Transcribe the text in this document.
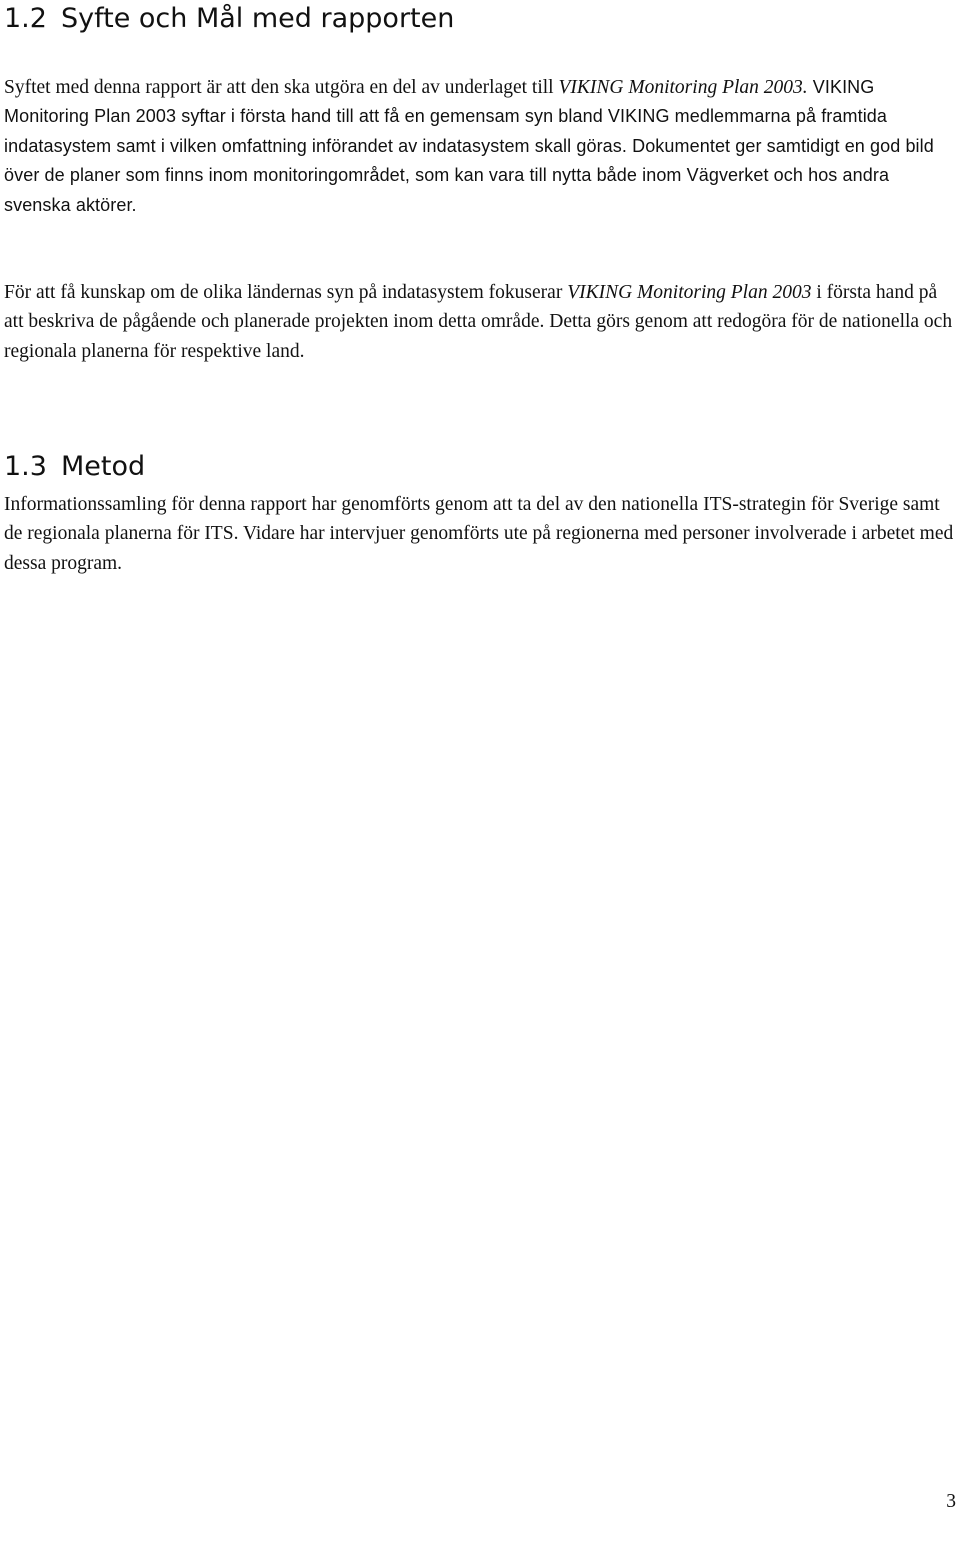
1.2 Syfte och Mål med rapporten

Syftet med denna rapport är att den ska utgöra en del av underlaget till VIKING Monitoring Plan 2003. VIKING Monitoring Plan 2003 syftar i första hand till att få en gemensam syn bland VIKING medlemmarna på framtida indatasystem samt i vilken omfattning införandet av indatasystem skall göras. Dokumentet ger samtidigt en god bild över de planer som finns inom monitoringområdet, som kan vara till nytta både inom Vägverket och hos andra svenska aktörer.

För att få kunskap om de olika ländernas syn på indatasystem fokuserar VIKING Monitoring Plan 2003 i första hand på att beskriva de pågående och planerade projekten inom detta område. Detta görs genom att redogöra för de nationella och regionala planerna för respektive land.

1.3 Metod

Informationssamling för denna rapport har genomförts genom att ta del av den nationella ITS-strategin för Sverige samt de regionala planerna för ITS. Vidare har intervjuer genomförts ute på regionerna med personer involverade i arbetet med dessa program.

3
